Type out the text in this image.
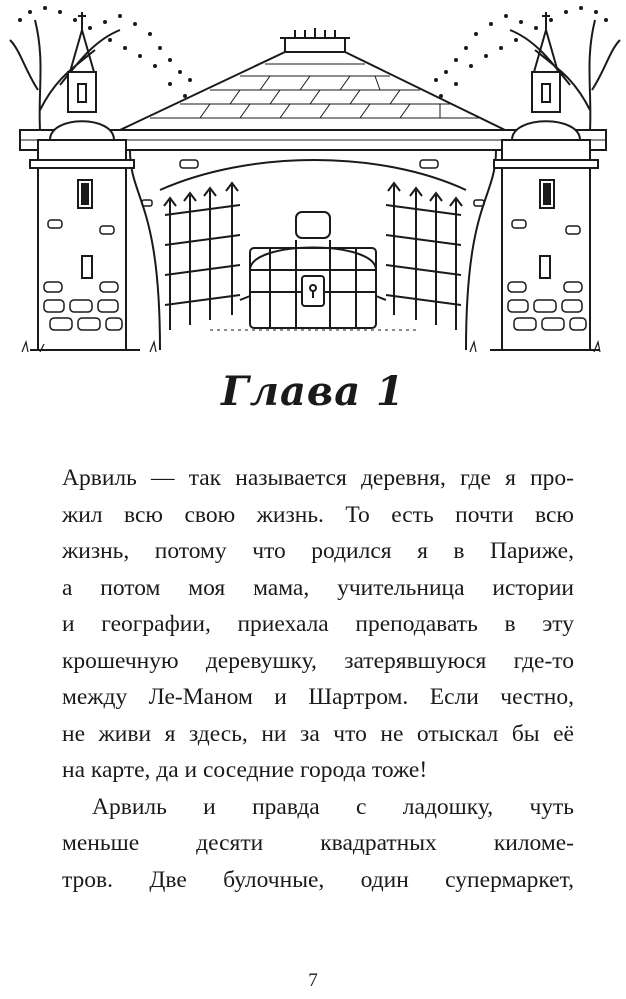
Глава 1
Арвиль — так называется деревня, где я про-
жил всю свою жизнь. То есть почти всю
жизнь, потому что родился я в Париже,
а потом моя мама, учительница истории
и географии, приехала преподавать в эту
крошечную деревушку, затерявшуюся где-то
между Ле-Маном и Шартром. Если честно,
не живи я здесь, ни за что не отыскал бы её
на карте, да и соседние города тоже!
Арвиль и правда с ладошку, чуть
меньше десяти квадратных киломе-
тров. Две булочные, один супермаркет,
7
